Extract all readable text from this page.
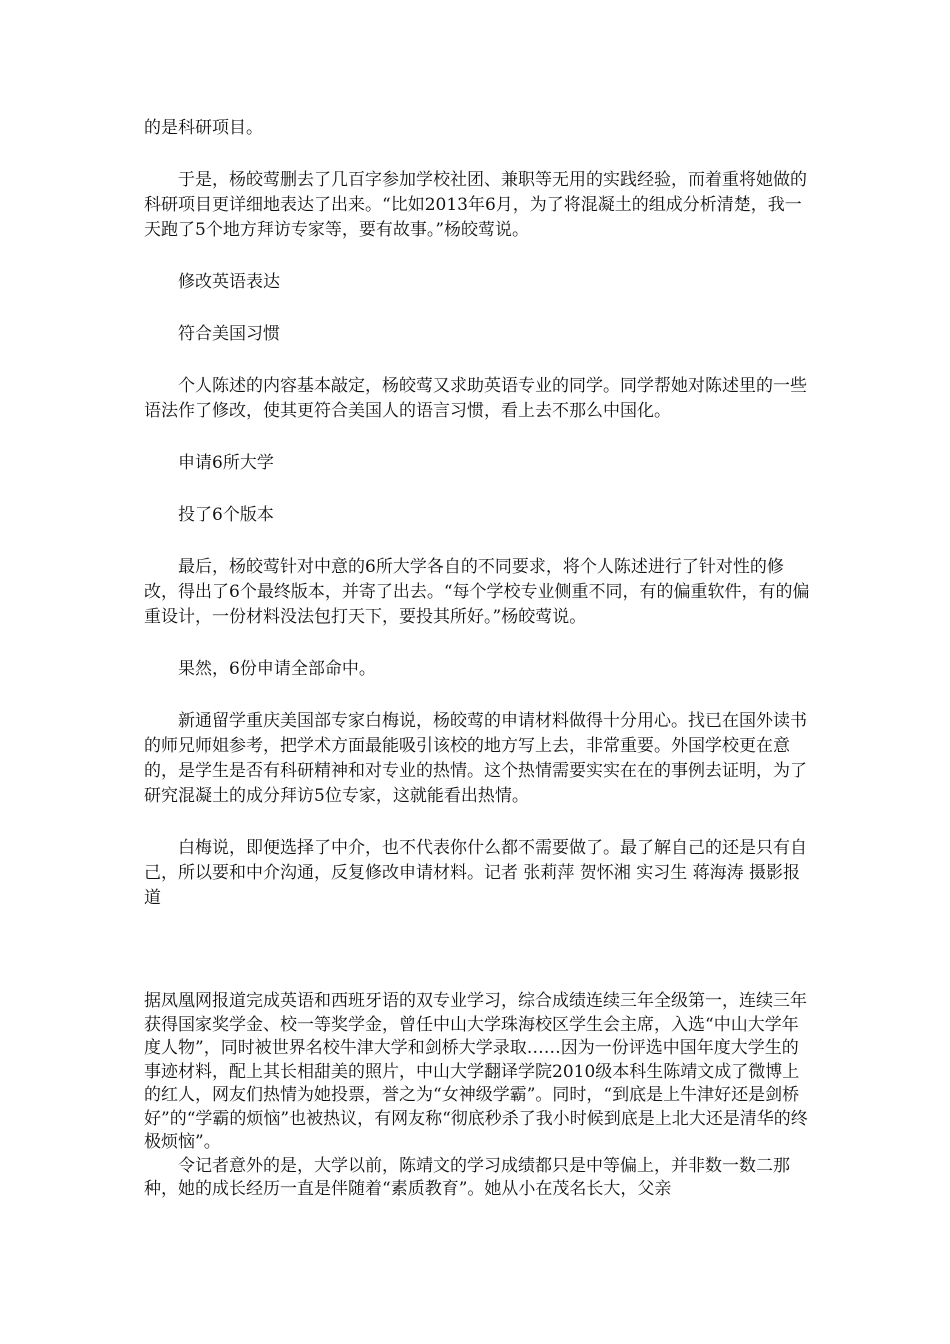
的是科研项目。

于是，杨皎莺删去了几百字参加学校社团、兼职等无用的实践经验，而着重将她做的科研项目更详细地表达了出来。“比如2013年6月，为了将混凝土的组成分析清楚，我一天跑了5个地方拜访专家等，要有故事。”杨皎莺说。

修改英语表达

符合美国习惯

个人陈述的内容基本敲定，杨皎莺又求助英语专业的同学。同学帮她对陈述里的一些语法作了修改，使其更符合美国人的语言习惯，看上去不那么中国化。

申请6所大学

投了6个版本

最后，杨皎莺针对中意的6所大学各自的不同要求，将个人陈述进行了针对性的修改，得出了6个最终版本，并寄了出去。“每个学校专业侧重不同，有的偏重软件，有的偏重设计，一份材料没法包打天下，要投其所好。”杨皎莺说。

果然，6份申请全部命中。

新通留学重庆美国部专家白梅说，杨皎莺的申请材料做得十分用心。找已在国外读书的师兄师姐参考，把学术方面最能吸引该校的地方写上去，非常重要。外国学校更在意的，是学生是否有科研精神和对专业的热情。这个热情需要实实在在的事例去证明，为了研究混凝土的成分拜访5位专家，这就能看出热情。

白梅说，即便选择了中介，也不代表你什么都不需要做了。最了解自己的还是只有自己，所以要和中介沟通，反复修改申请材料。记者 张莉萍 贺怀湘 实习生 蒋海涛 摄影报道

据凤凰网报道完成英语和西班牙语的双专业学习，综合成绩连续三年全级第一，连续三年获得国家奖学金、校一等奖学金，曾任中山大学珠海校区学生会主席，入选“中山大学年度人物”，同时被世界名校牛津大学和剑桥大学录取……因为一份评选中国年度大学生的事迹材料，配上其长相甜美的照片，中山大学翻译学院2010级本科生陈靖文成了微博上的红人，网友们热情为她投票，誉之为“女神级学霸”。同时，“到底是上牛津好还是剑桥好”的“学霸的烦恼”也被热议，有网友称“彻底秒杀了我小时候到底是上北大还是清华的终极烦恼”。

令记者意外的是，大学以前，陈靖文的学习成绩都只是中等偏上，并非数一数二那种，她的成长经历一直是伴随着“素质教育”。她从小在茂名长大，父亲
